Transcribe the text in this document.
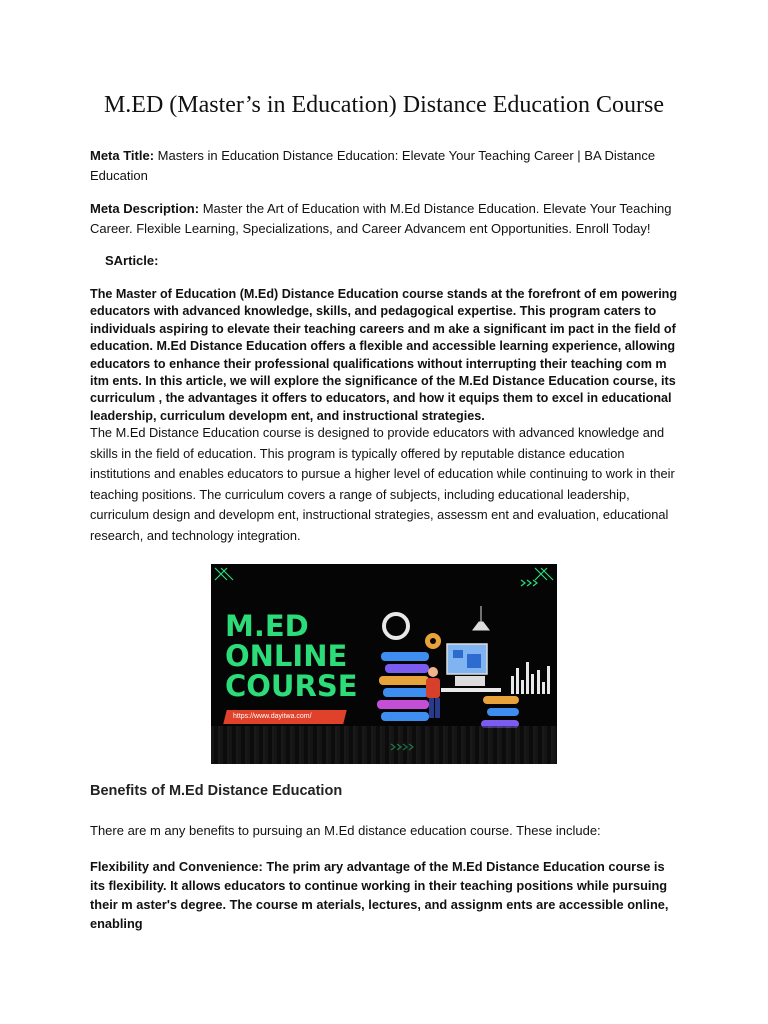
M.ED (Master’s in Education) Distance Education Course

Meta Title: Masters in Education Distance Education: Elevate Your Teaching Career | BA Distance Education

Meta Description: Master the Art of Education with M.Ed Distance Education. Elevate Your Teaching Career. Flexible Learning, Specializations, and Career Advancem ent Opportunities. Enroll Today!

SArticle:

The Master of Education (M.Ed) Distance Education course stands at the forefront of em powering educators with advanced knowledge, skills, and pedagogical expertise. This program caters to individuals aspiring to elevate their teaching careers and m ake a significant im pact in the field of education. M.Ed Distance Education offers a flexible and accessible learning experience, allowing educators to enhance their professional qualifications without interrupting their teaching com m itm ents. In this article, we will explore the significance of the M.Ed Distance Education course, its curriculum , the advantages it offers to educators, and how it equips them to excel in educational leadership, curriculum developm ent, and instructional strategies.

The M.Ed Distance Education course is designed to provide educators with advanced knowledge and skills in the field of education. This program is typically offered by reputable distance education institutions and enables educators to pursue a higher level of education while continuing to work in their teaching positions. The curriculum covers a range of subjects, including educational leadership, curriculum design and developm ent, instructional strategies, assessm ent and evaluation, educational research, and technology integration.

M.ED
ONLINE
COURSE
https://www.dayitwa.com/
Benefits of M.Ed Distance Education

There are m any benefits to pursuing an M.Ed distance education course. These include:

Flexibility and Convenience: The prim ary advantage of the M.Ed Distance Education course is its flexibility. It allows educators to continue working in their teaching positions while pursuing their m aster's degree. The course m aterials, lectures, and assignm ents are accessible online, enabling
